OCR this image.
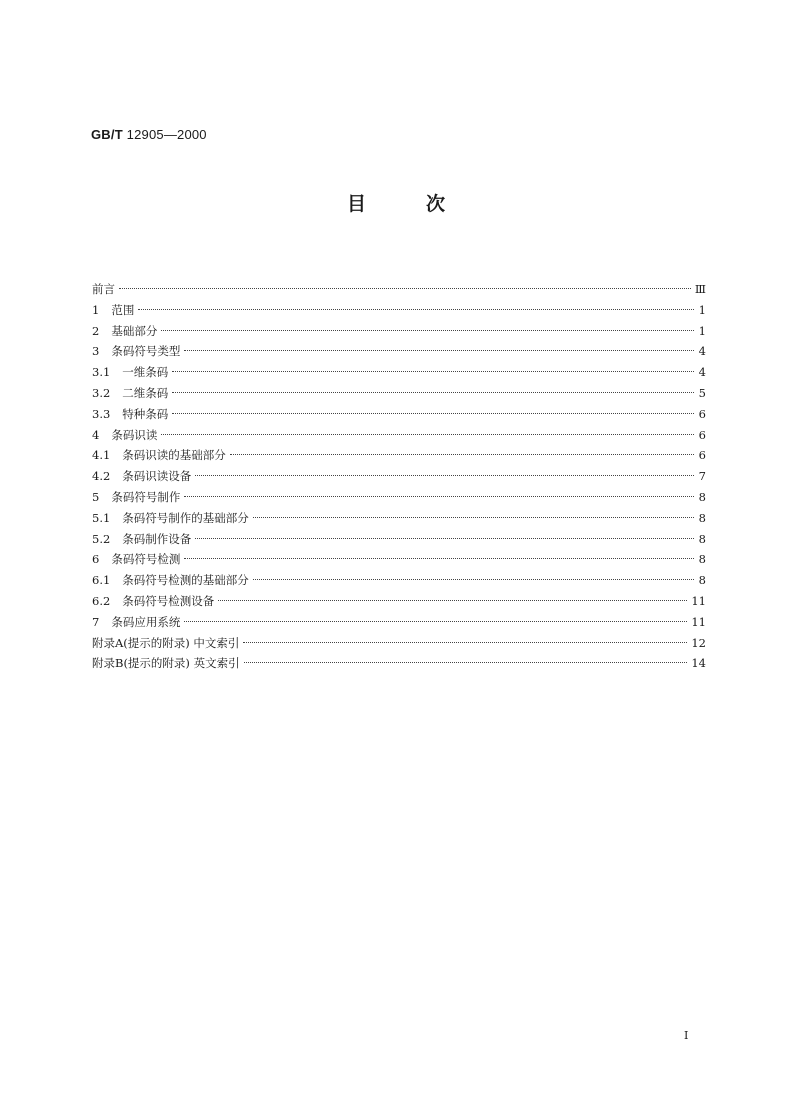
GB/T 12905—2000
目	次
前言	Ⅲ
1 范围	1
2 基础部分	1
3 条码符号类型	4
3.1 一维条码	4
3.2 二维条码	5
3.3 特种条码	6
4 条码识读	6
4.1 条码识读的基础部分	6
4.2 条码识读设备	7
5 条码符号制作	8
5.1 条码符号制作的基础部分	8
5.2 条码制作设备	8
6 条码符号检测	8
6.1 条码符号检测的基础部分	8
6.2 条码符号检测设备	11
7 条码应用系统	11
附录A(提示的附录) 中文索引	12
附录B(提示的附录) 英文索引	14
I
